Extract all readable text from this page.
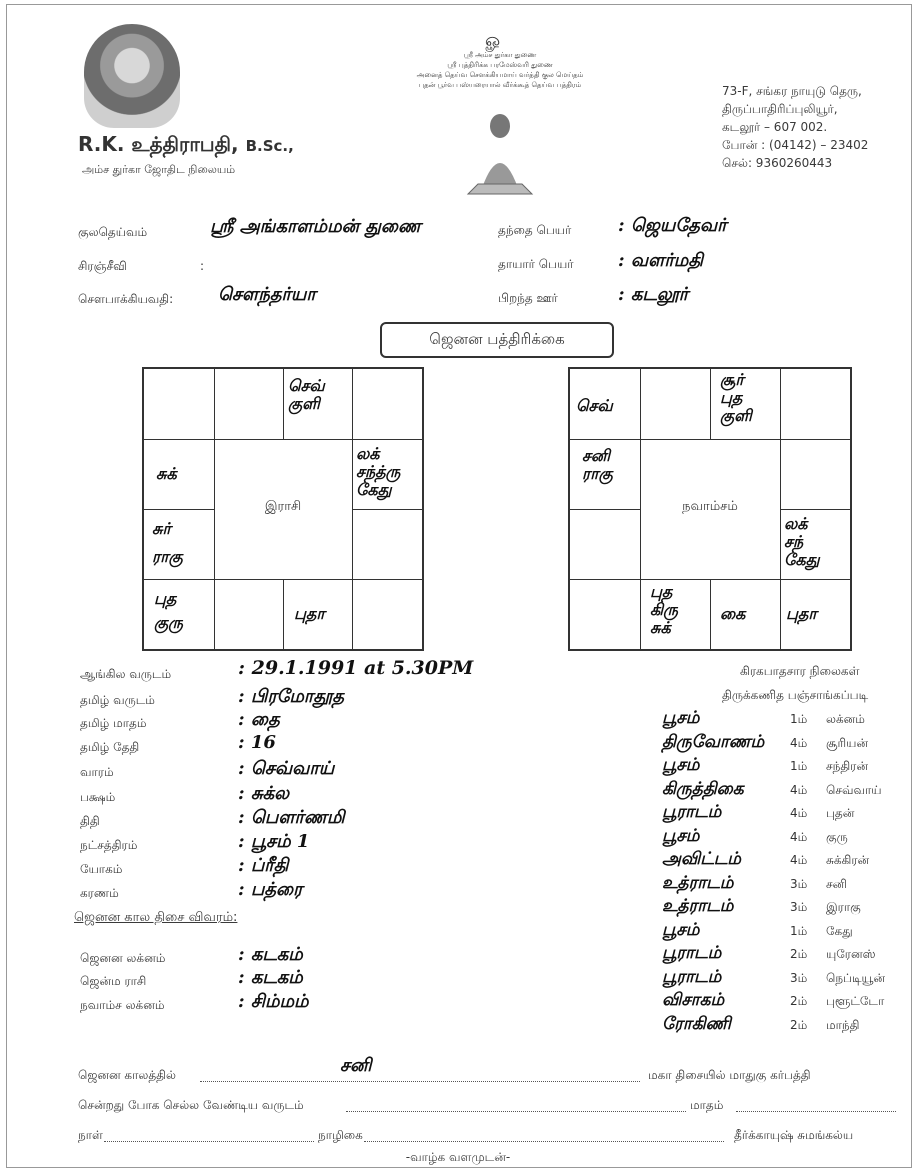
R.K. உத்திராபதி, B.Sc.,
அம்ச துர்கா ஜோதிட நிலையம்
ௐ
ஸ்ரீ அம்ச துர்கா துணை
ஸ்ரீ புத்திரிக்க பரமேஸ்வரி துணை
அனைத் தெய்வ சௌக்கியமாய் வர்த்தி குல மெய்தம்
புதன் பூர்வ பஸ்யரையால் வீர்க்கூத் தெய்வ பத்திரம்	73-F, சங்கர நாயுடு தெரு,
திருப்பாதிரிப்புலியூர்,
கடலூர் – 607 002.
போன் : (04142) – 23402
செல்: 9360260443
குலதெய்வம்	ஸ்ரீ அங்காளம்மன் துணை
சிரஞ்சீவி	:
சௌபாக்கியவதி: சௌந்தர்யா
தந்தை பெயர்	: ஜெயதேவர்
தாயார் பெயர் : வளர்மதி
பிறந்த ஊர்	: கடலூர்
ஜெனன பத்திரிக்கை
இராசி
செவ்
குளி
சுக்
லக்
சந்த்ரு
கேது
சுர்
ராகு
புத
குரு	புதா
நவாம்சம்
செவ்
சூர்
புத
குளி
சனி
ராகு
லக்
சந்
கேது
புத
கிரு
சுக்
கை	புதா
ஆங்கில வருடம்	: 29.1.1991 at 5.30PM
தமிழ் வருடம்	: பிரமோதூத
தமிழ் மாதம்	: தை
தமிழ் தேதி	: 16
வாரம்	: செவ்வாய்
பக்ஷம்	: சுக்ல
திதி	: பௌர்ணமி
நட்சத்திரம்	: பூசம் 1
யோகம்	: ப்ரீதி
கரணம்	: பத்ரை
ஜெனன கால திசை விவரம்:
ஜெனன லக்னம்	: கடகம்
ஜென்ம ராசி	: கடகம்
நவாம்ச லக்னம்	: சிம்மம்
கிரகபாதசார நிலைகள்
திருக்கணித பஞ்சாங்கப்படி
பூசம்	1ம் லக்னம்
திருவோணம் 4ம் சூரியன்
பூசம்	1ம் சந்திரன்
கிருத்திகை	4ம் செவ்வாய்
பூராடம்	4ம் புதன்
பூசம்	4ம் குரு
அவிட்டம்	4ம் சுக்கிரன்
உத்ராடம்	3ம் சனி
உத்ராடம்	3ம் இராகு
பூசம்	1ம் கேது
பூராடம்	2ம் யுரேனஸ்
பூராடம்	3ம் நெப்டியூன்
விசாகம்	2ம் புளூட்டோ
ரோகிணி	2ம் மாந்தி
ஜெனன காலத்தில்	சனி	மகா திசையில் மாதுகு கர்பத்தி
சென்றது போக செல்ல வேண்டிய வருடம்	மாதம்
நாள்	நாழிகை	தீர்க்காயுஷ் சுமங்கல்ய
-வாழ்க வளமுடன்-
